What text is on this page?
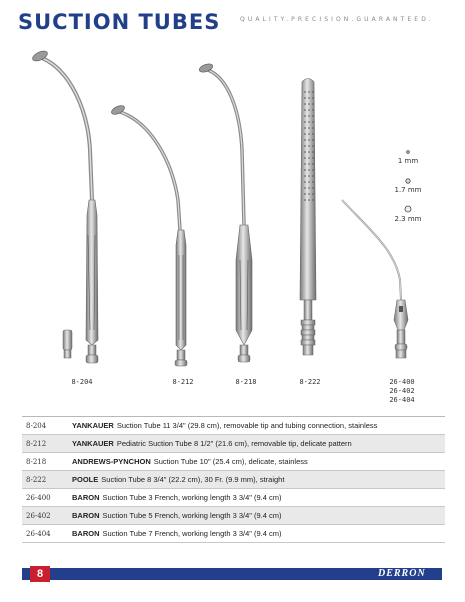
SUCTION TUBES	QUALITY.PRECISION.GUARANTEED.
1 mm
1.7 mm
2.3 mm
8-204	8-212	8-218	8-222	26-400
26-402
26-404
8-204	YANKAUER Suction Tube 11 3/4" (29.8 cm), removable tip and tubing connection, stainless
8-212	YANKAUER Pediatric Suction Tube 8 1/2" (21.6 cm), removable tip, delicate pattern
8-218	ANDREWS-PYNCHON Suction Tube 10" (25.4 cm), delicate, stainless
8-222	POOLE Suction Tube 8 3/4" (22.2 cm), 30 Fr. (9.9 mm), straight
26-400	BARON Suction Tube 3 French, working length 3 3/4" (9.4 cm)
26-402	BARON Suction Tube 5 French, working length 3 3/4" (9.4 cm)
26-404	BARON Suction Tube 7 French, working length 3 3/4" (9.4 cm)
8	DERRON
